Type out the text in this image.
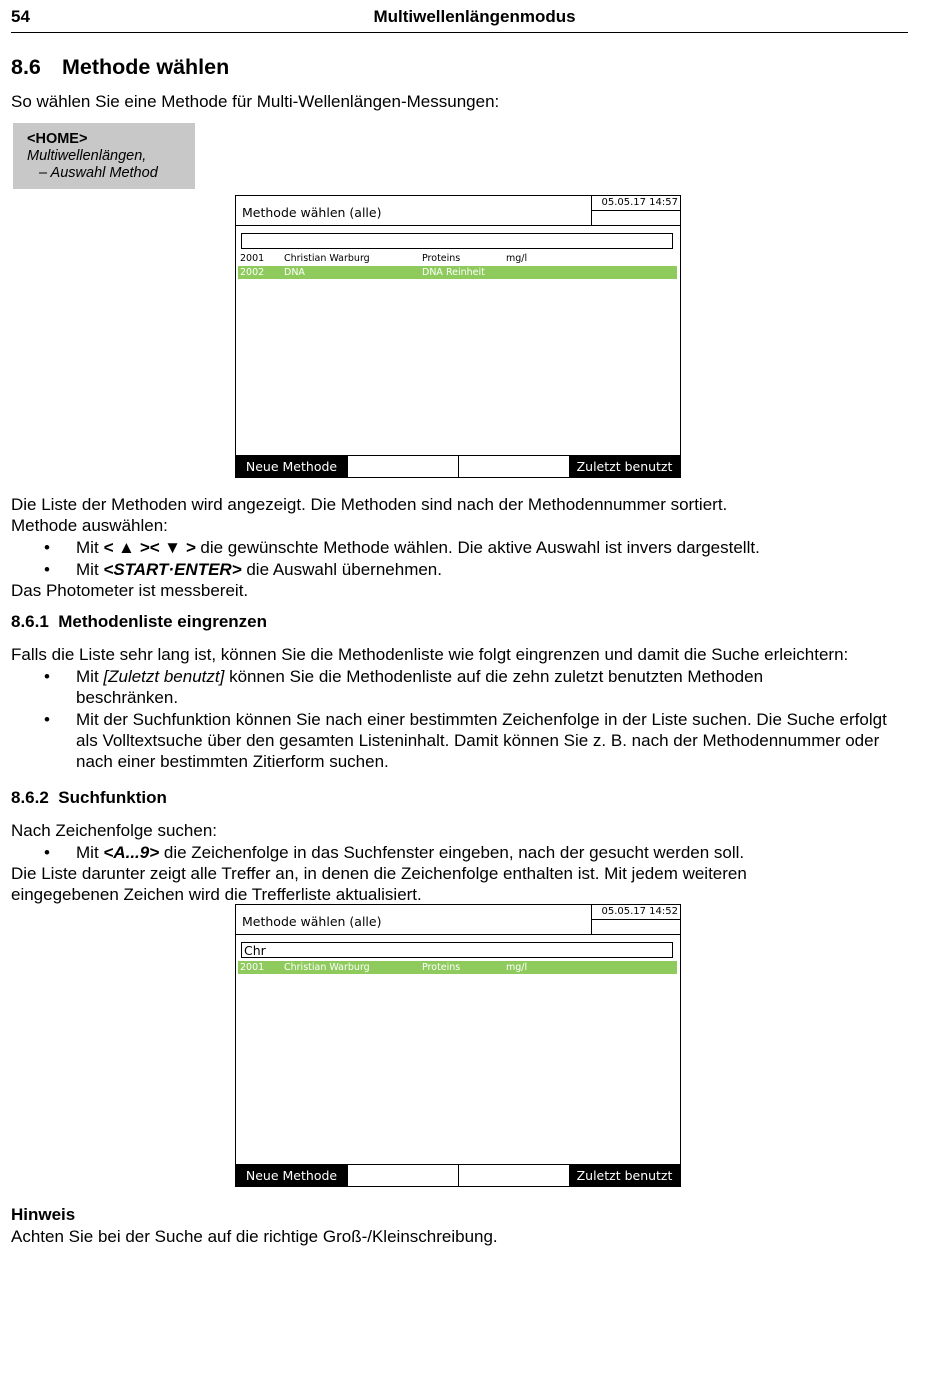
54	Multiwellenlängenmodus
8.6 Methode wählen
So wählen Sie eine Methode für Multi-Wellenlängen-Messungen:
<HOME>
Multiwellenlängen,
– Auswahl Method
Methode wählen (alle)
05.05.17 14:57
2001 Christian Warburg	Proteins	mg/l
2002 DNA	DNA Reinheit
Neue Methode	Zuletzt benutzt
Die Liste der Methoden wird angezeigt. Die Methoden sind nach der Methodennummer sortiert.
Methode auswählen:
• Mit < ▲ >< ▼ > die gewünschte Methode wählen. Die aktive Auswahl ist invers dargestellt.
• Mit <START·ENTER> die Auswahl übernehmen.
Das Photometer ist messbereit.
8.6.1 Methodenliste eingrenzen
Falls die Liste sehr lang ist, können Sie die Methodenliste wie folgt eingrenzen und damit die Suche erleichtern:
• Mit [Zuletzt benutzt] können Sie die Methodenliste auf die zehn zuletzt benutzten Methoden beschränken.
• Mit der Suchfunktion können Sie nach einer bestimmten Zeichenfolge in der Liste suchen. Die Suche erfolgt als Volltextsuche über den gesamten Listeninhalt. Damit können Sie z. B. nach der Methodennummer oder nach einer bestimmten Zitierform suchen.
8.6.2 Suchfunktion
Nach Zeichenfolge suchen:
• Mit <A...9> die Zeichenfolge in das Suchfenster eingeben, nach der gesucht werden soll.
Die Liste darunter zeigt alle Treffer an, in denen die Zeichenfolge enthalten ist. Mit jedem weiteren eingegebenen Zeichen wird die Trefferliste aktualisiert.
Methode wählen (alle)
05.05.17 14:52
Chr
2001 Christian Warburg	Proteins	mg/l
Neue Methode	Zuletzt benutzt
Hinweis
Achten Sie bei der Suche auf die richtige Groß-/Kleinschreibung.
